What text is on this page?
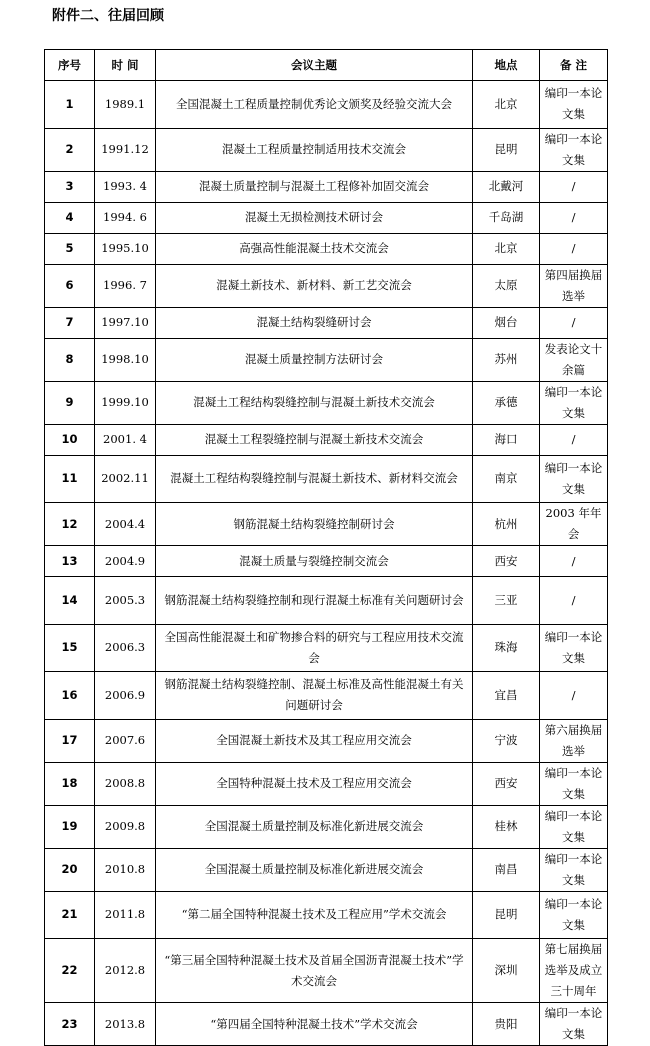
附件二、往届回顾
序号	时 间	会议主题	地点	备 注
1	1989.1	全国混凝土工程质量控制优秀论文颁奖及经验交流大会	北京	编印一本论文集
2	1991.12	混凝土工程质量控制适用技术交流会	昆明	编印一本论文集
3	1993. 4	混凝土质量控制与混凝土工程修补加固交流会	北戴河	/
4	1994. 6	混凝土无损检测技术研讨会	千岛湖	/
5	1995.10	高强高性能混凝土技术交流会	北京	/
6	1996. 7	混凝土新技术、新材料、新工艺交流会	太原	第四届换届选举
7	1997.10	混凝土结构裂缝研讨会	烟台	/
8	1998.10	混凝土质量控制方法研讨会	苏州	发表论文十余篇
9	1999.10	混凝土工程结构裂缝控制与混凝土新技术交流会	承德	编印一本论文集
10	2001. 4	混凝土工程裂缝控制与混凝土新技术交流会	海口	/
11	2002.11	混凝土工程结构裂缝控制与混凝土新技术、新材料交流会	南京	编印一本论文集
12	2004.4	钢筋混凝土结构裂缝控制研讨会	杭州	2003 年年会
13	2004.9	混凝土质量与裂缝控制交流会	西安	/
14	2005.3	钢筋混凝土结构裂缝控制和现行混凝土标准有关问题研讨会	三亚	/
15	2006.3	全国高性能混凝土和矿物掺合料的研究与工程应用技术交流会	珠海	编印一本论文集
16	2006.9	钢筋混凝土结构裂缝控制、混凝土标准及高性能混凝土有关问题研讨会	宜昌	/
17	2007.6	全国混凝土新技术及其工程应用交流会	宁波	第六届换届选举
18	2008.8	全国特种混凝土技术及工程应用交流会	西安	编印一本论文集
19	2009.8	全国混凝土质量控制及标准化新进展交流会	桂林	编印一本论文集
20	2010.8	全国混凝土质量控制及标准化新进展交流会	南昌	编印一本论文集
21	2011.8	“第二届全国特种混凝土技术及工程应用”学术交流会	昆明	编印一本论文集
22	2012.8	“第三届全国特种混凝土技术及首届全国沥青混凝土技术”学术交流会	深圳	第七届换届选举及成立三十周年
23	2013.8	“第四届全国特种混凝土技术”学术交流会	贵阳	编印一本论文集
